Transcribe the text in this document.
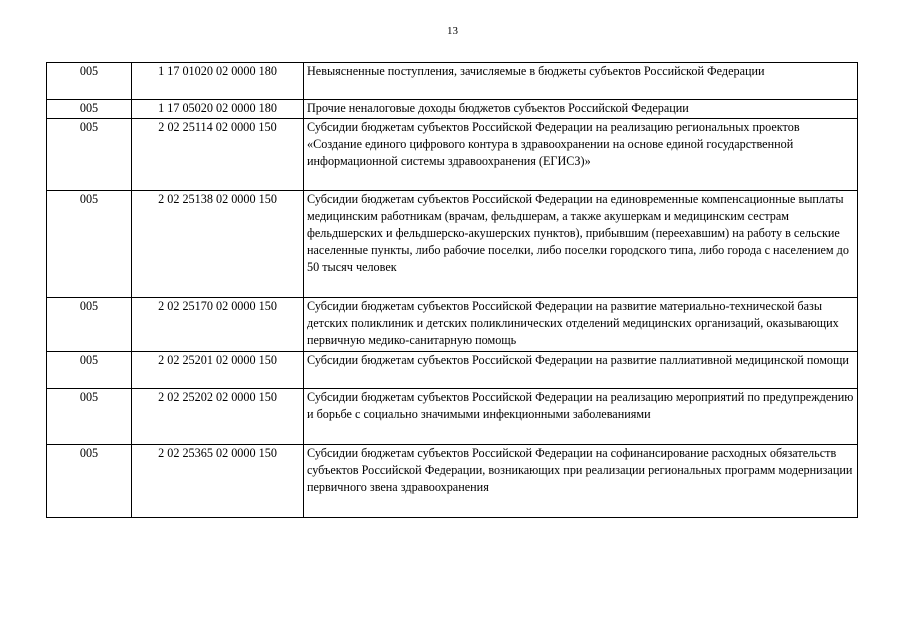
13
005	1 17 01020 02 0000 180	Невыясненные поступления, зачисляемые в бюджеты субъектов Российской Федерации
005	1 17 05020 02 0000 180	Прочие неналоговые доходы бюджетов субъектов Российской Федерации
005	2 02 25114 02 0000 150	Субсидии бюджетам субъектов Российской Федерации на реализацию региональных проектов «Создание единого цифрового контура в здравоохранении на основе единой государственной информационной системы здравоохранения (ЕГИСЗ)»
005	2 02 25138 02 0000 150	Субсидии бюджетам субъектов Российской Федерации на единовременные компенсационные выплаты медицинским работникам (врачам, фельдшерам, а также акушеркам и медицинским сестрам фельдшерских и фельдшерско-акушерских пунктов), прибывшим (переехавшим) на работу в сельские населенные пункты, либо рабочие поселки, либо поселки городского типа, либо города с населением до 50 тысяч человек
005	2 02 25170 02 0000 150	Субсидии бюджетам субъектов Российской Федерации на развитие материально-технической базы детских поликлиник и детских поликлинических отделений медицинских организаций, оказывающих первичную медико-санитарную помощь
005	2 02 25201 02 0000 150	Субсидии бюджетам субъектов Российской Федерации на развитие паллиативной медицинской помощи
005	2 02 25202 02 0000 150	Субсидии бюджетам субъектов Российской Федерации на реализацию мероприятий по предупреждению и борьбе с социально значимыми инфекционными заболеваниями
005	2 02 25365 02 0000 150	Субсидии бюджетам субъектов Российской Федерации на софинансирование расходных обязательств субъектов Российской Федерации, возникающих при реализации региональных программ модернизации первичного звена здравоохранения
